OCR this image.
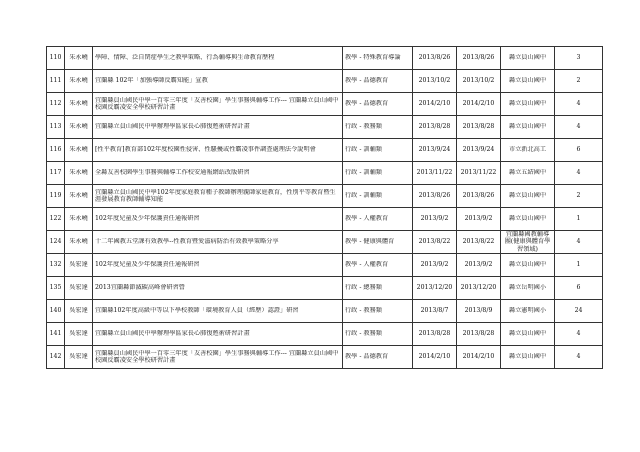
110	朱永嶢	學障、情障、泛自閉症學生之教學策略、行為輔導與生命教育歷程	教學 - 特殊教育導論	2013/8/26	2013/8/26	縣立員山國中	3

111	朱永嶢	宜蘭縣 102年「加強導師反霸知能」宣教	教學 - 品德教育	2013/10/2	2013/10/2	縣立員山國中	2

112	朱永嶢	宜蘭縣員山國民中學一百零三年度「友善校園」學生事務與輔導工作--- 宜蘭縣立員山國中校園反霸凌安全學校研習計畫	教學 - 品德教育	2014/2/10	2014/2/10	縣立員山國中	4

113	朱永嶢	宜蘭縣立員山國民中學辦理學區家長心肺復甦術研習計畫	行政 - 教務類	2013/8/28	2013/8/28	縣立員山國中	4

116	朱永嶢	[性平教育]教育部102年度校園性侵害、性騷擾或性霸凌事件調查處理法令說明會	行政 - 訓輔類	2013/9/24	2013/9/24	市立新北高工	6

117	朱永嶢	全縣友善校園學生事務與輔導工作校安通報網站改版研習	行政 - 訓輔類	2013/11/22	2013/11/22	縣立五結國中	4

119	朱永嶢	宜蘭縣立員山國民中學102年度家庭教育種子教師辦理親師家庭教育，性別平等教育暨生涯發展教育教師輔導知能	行政 - 訓輔類	2013/8/26	2013/8/26	縣立員山國中	2

122	朱永嶢	102年度兒童及少年保護責任通報研習	教學 - 人權教育	2013/9/2	2013/9/2	縣立員山國中	1

124	朱永嶢	十二年國教五堂課有效教學--性教育暨愛滋病防治有效教學策略分享	教學 - 健康與體育	2013/8/22	2013/8/22	宜蘭縣國教輔導團(健康與體育學習領域)	4

132	吳宏達	102年度兒童及少年保護責任通報研習	教學 - 人權教育	2013/9/2	2013/9/2	縣立員山國中	1

135	吳宏達	2013宜蘭縣節滅碳高峰會研習營	行政 - 總務類	2013/12/20	2013/12/20	縣立岳明國小	6

140	吳宏達	宜蘭縣102年度高級中等以下學校教師「環境教育人員（經歷）認證」研習	行政 - 教務類	2013/8/7	2013/8/9	縣立憲明國小	24

141	吳宏達	宜蘭縣立員山國民中學辦理學區家長心肺復甦術研習計畫	行政 - 教務類	2013/8/28	2013/8/28	縣立員山國中	4

142	吳宏達	宜蘭縣員山國民中學一百零三年度「友善校園」學生事務與輔導工作--- 宜蘭縣立員山國中校園反霸凌安全學校研習計畫	教學 - 品德教育	2014/2/10	2014/2/10	縣立員山國中	4
